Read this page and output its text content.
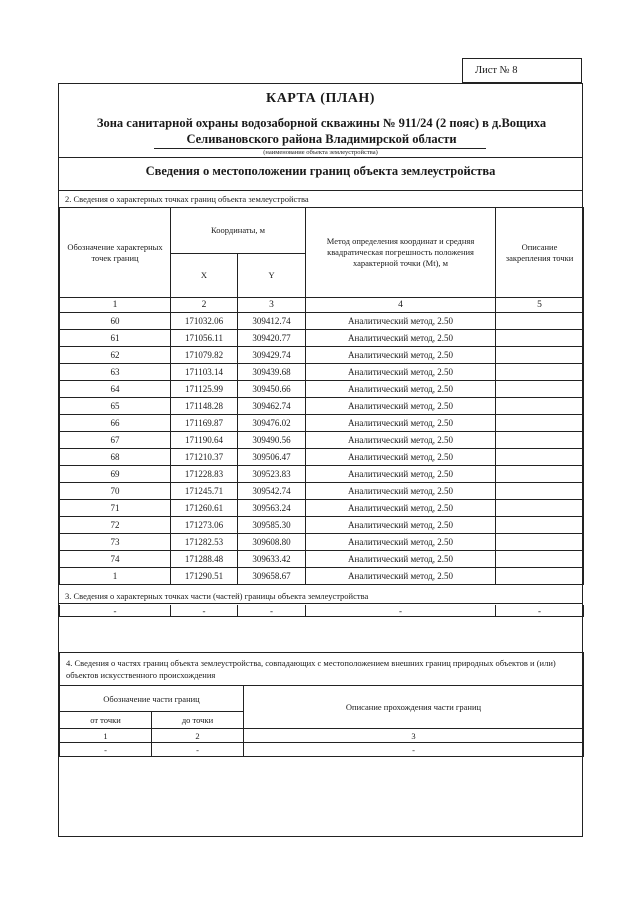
Лист № 8
КАРТА (ПЛАН)
Зона санитарной охраны водозаборной скважины № 911/24 (2 пояс) в д.Вощиха Селивановского района Владимирской области
(наименование объекта землеустройства)
Сведения о местоположении границ объекта землеустройства
2. Сведения о характерных точках границ объекта землеустройства
Обозначение характерных точек границ	Координаты, м		Метод определения координат и средняя квадратическая погрешность положения характерной точки (Мt), м	Описание закрепления точки
	X	Y		
1	2	3	4	5
60	171032.06	309412.74	Аналитический метод, 2.50	
61	171056.11	309420.77	Аналитический метод, 2.50	
62	171079.82	309429.74	Аналитический метод, 2.50	
63	171103.14	309439.68	Аналитический метод, 2.50	
64	171125.99	309450.66	Аналитический метод, 2.50	
65	171148.28	309462.74	Аналитический метод, 2.50	
66	171169.87	309476.02	Аналитический метод, 2.50	
67	171190.64	309490.56	Аналитический метод, 2.50	
68	171210.37	309506.47	Аналитический метод, 2.50	
69	171228.83	309523.83	Аналитический метод, 2.50	
70	171245.71	309542.74	Аналитический метод, 2.50	
71	171260.61	309563.24	Аналитический метод, 2.50	
72	171273.06	309585.30	Аналитический метод, 2.50	
73	171282.53	309608.80	Аналитический метод, 2.50	
74	171288.48	309633.42	Аналитический метод, 2.50	
1	171290.51	309658.67	Аналитический метод, 2.50	
3. Сведения о характерных точках части (частей) границы объекта землеустройства
-	-	-	-	-
4. Сведения о частях границ объекта землеустройства, совпадающих с местоположением внешних границ природных объектов и (или) объектов искусственного происхождения		
Обозначение части границ		Описание прохождения части границ
от точки	до точки	
1	2	3
-	-	-
